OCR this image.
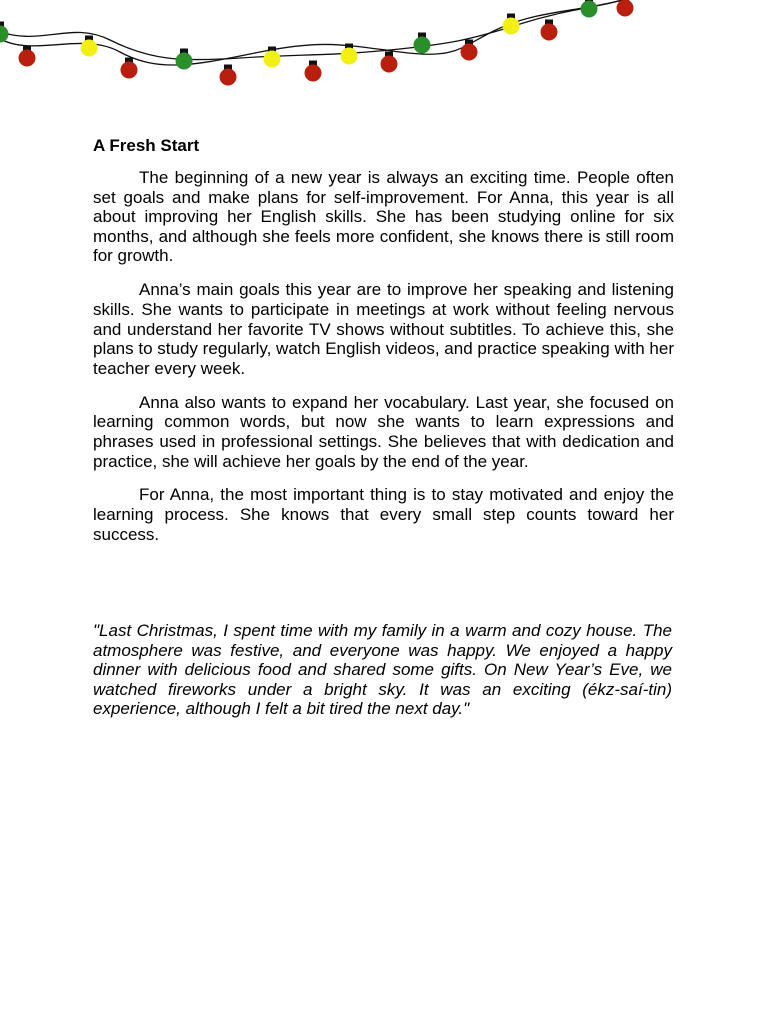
A Fresh Start

The beginning of a new year is always an exciting time. People often set goals and make plans for self-improvement. For Anna, this year is all about improving her English skills. She has been studying online for six months, and although she feels more confident, she knows there is still room for growth.

Anna’s main goals this year are to improve her speaking and listening skills. She wants to participate in meetings at work without feeling nervous and understand her favorite TV shows without subtitles. To achieve this, she plans to study regularly, watch English videos, and practice speaking with her teacher every week.

Anna also wants to expand her vocabulary. Last year, she focused on learning common words, but now she wants to learn expressions and phrases used in professional settings. She believes that with dedication and practice, she will achieve her goals by the end of the year.

For Anna, the most important thing is to stay motivated and enjoy the learning process. She knows that every small step counts toward her success.

"Last Christmas, I spent time with my family in a warm and cozy house. The atmosphere was festive, and everyone was happy. We enjoyed a happy dinner with delicious food and shared some gifts. On New Year’s Eve, we watched fireworks under a bright sky. It was an exciting (ékz-saí-tin) experience, although I felt a bit tired the next day."
